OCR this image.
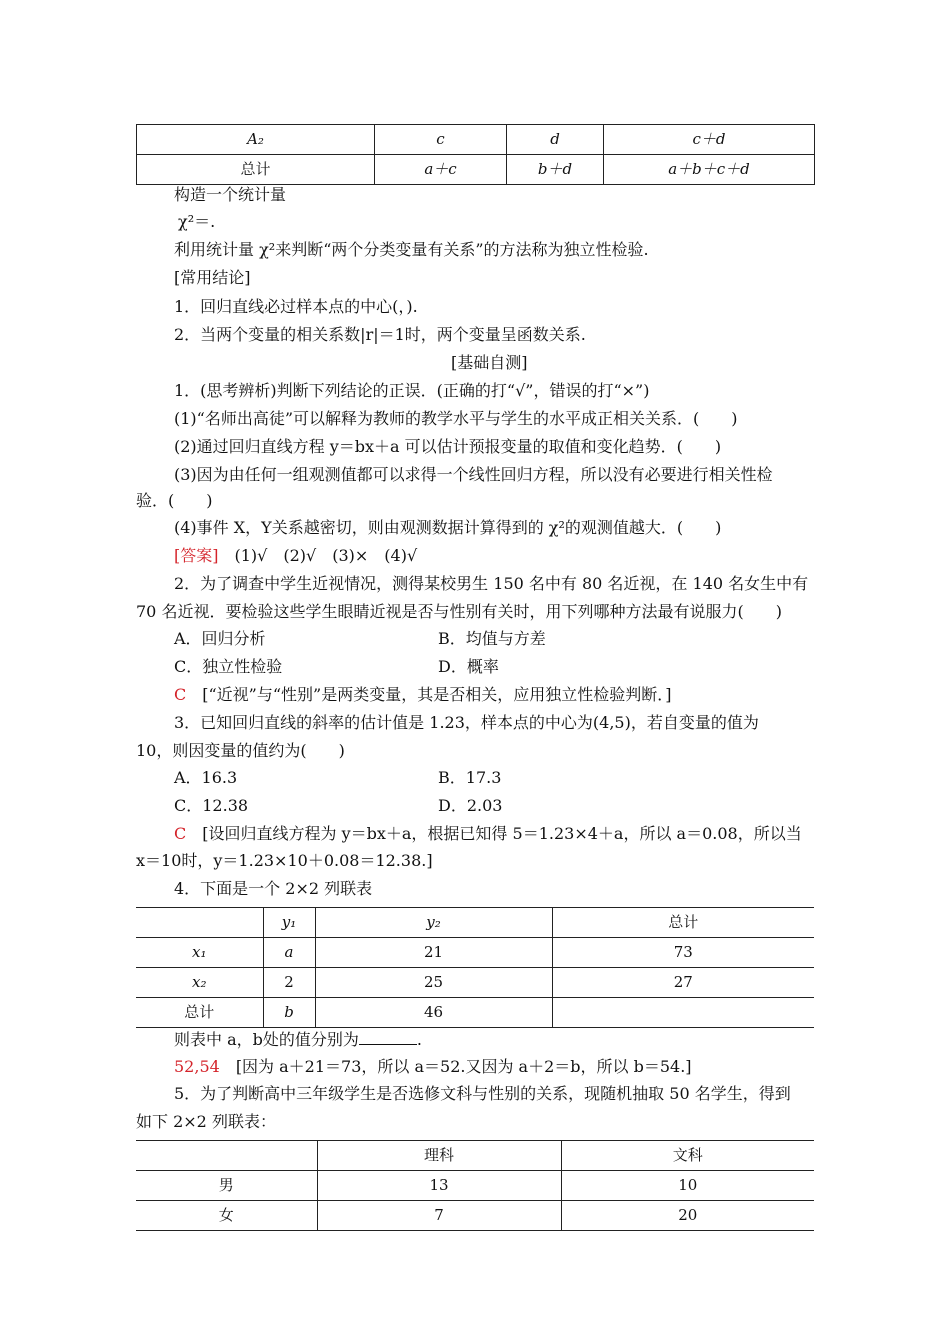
A₂	c	d	c＋d
总计	a＋c	b＋d	a＋b＋c＋d
构造一个统计量
χ²＝.
利用统计量 χ²来判断“两个分类变量有关系”的方法称为独立性检验.
[常用结论]
1．回归直线必过样本点的中心(，).
2．当两个变量的相关系数|r|＝1时，两个变量呈函数关系.
[基础自测]
1．(思考辨析)判断下列结论的正误．(正确的打“√”，错误的打“×”)
(1)“名师出高徒”可以解释为教师的教学水平与学生的水平成正相关关系．(　　)
(2)通过回归直线方程 y＝bx＋a 可以估计预报变量的取值和变化趋势．(　　)
(3)因为由任何一组观测值都可以求得一个线性回归方程，所以没有必要进行相关性检
验．(　　)
(4)事件 X，Y关系越密切，则由观测数据计算得到的 χ²的观测值越大．(　　)
[答案]　(1)√　(2)√　(3)×　(4)√
2．为了调查中学生近视情况，测得某校男生 150 名中有 80 名近视，在 140 名女生中有
70 名近视．要检验这些学生眼睛近视是否与性别有关时，用下列哪种方法最有说服力(　　)
A．回归分析	B．均值与方差
C．独立性检验	D．概率
C　[“近视”与“性别”是两类变量，其是否相关，应用独立性检验判断．]
3．已知回归直线的斜率的估计值是 1.23，样本点的中心为(4,5)，若自变量的值为
10，则因变量的值约为(　　)
A．16.3	B．17.3
C．12.38	D．2.03
C　[设回归直线方程为 y＝bx＋a，根据已知得 5＝1.23×4＋a，所以 a＝0.08，所以当
x＝10时，y＝1.23×10＋0.08＝12.38.]
4．下面是一个 2×2 列联表
	y₁	y₂	总计
x₁	a	21	73
x₂	2	25	27
总计	b	46	
则表中 a，b处的值分别为	.
52,54　[因为 a＋21＝73，所以 a＝52.又因为 a＋2＝b，所以 b＝54.]
5．为了判断高中三年级学生是否选修文科与性别的关系，现随机抽取 50 名学生，得到
如下 2×2 列联表：
	理科	文科
男	13	10
女	7	20
